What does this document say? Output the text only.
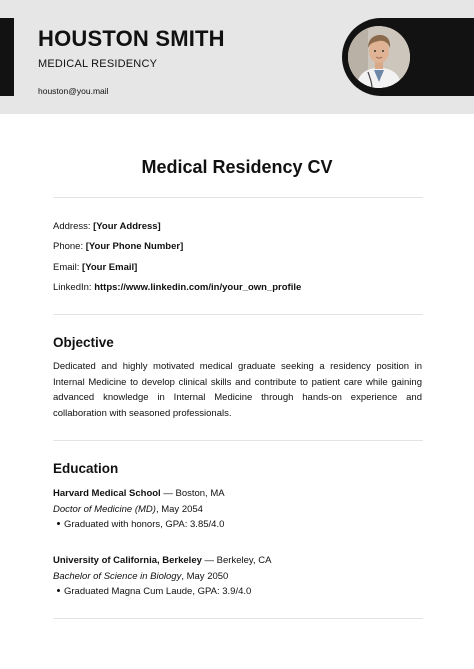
HOUSTON SMITH
MEDICAL RESIDENCY
houston@you.mail
Medical Residency CV
Address: [Your Address]
Phone: [Your Phone Number]
Email: [Your Email]
LinkedIn: https://www.linkedin.com/in/your_own_profile
Objective
Dedicated and highly motivated medical graduate seeking a residency position in Internal Medicine to develop clinical skills and contribute to patient care while gaining advanced knowledge in Internal Medicine through hands-on experience and collaboration with seasoned professionals.
Education
Harvard Medical School — Boston, MA
Doctor of Medicine (MD), May 2054
Graduated with honors, GPA: 3.85/4.0
University of California, Berkeley — Berkeley, CA
Bachelor of Science in Biology, May 2050
Graduated Magna Cum Laude, GPA: 3.9/4.0
